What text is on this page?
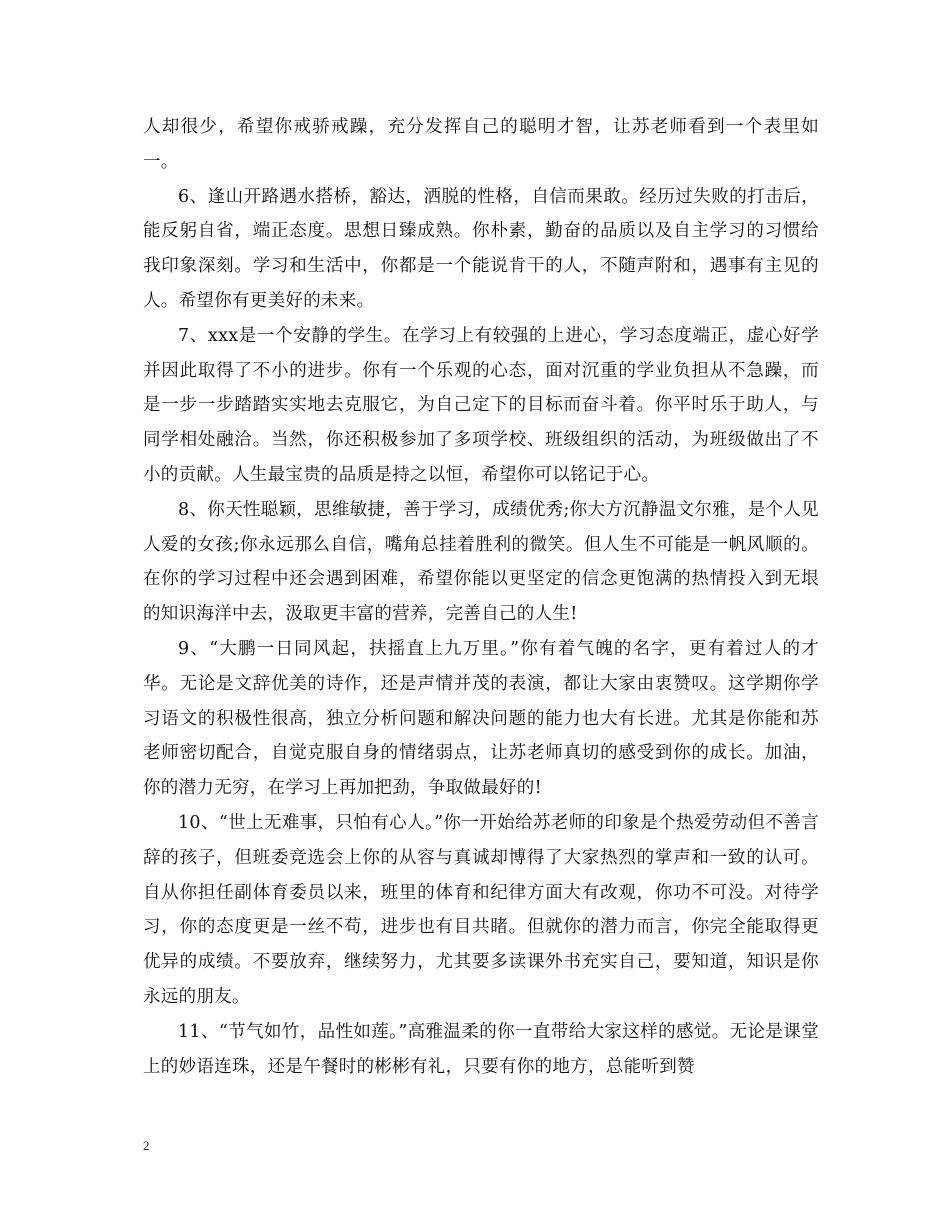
人却很少，希望你戒骄戒躁，充分发挥自己的聪明才智，让苏老师看到一个表里如一。

6、逢山开路遇水搭桥，豁达，洒脱的性格，自信而果敢。经历过失败的打击后，能反躬自省，端正态度。思想日臻成熟。你朴素，勤奋的品质以及自主学习的习惯给我印象深刻。学习和生活中，你都是一个能说肯干的人，不随声附和，遇事有主见的人。希望你有更美好的未来。

7、xxx是一个安静的学生。在学习上有较强的上进心，学习态度端正，虚心好学并因此取得了不小的进步。你有一个乐观的心态，面对沉重的学业负担从不急躁，而是一步一步踏踏实实地去克服它，为自己定下的目标而奋斗着。你平时乐于助人，与同学相处融洽。当然，你还积极参加了多项学校、班级组织的活动，为班级做出了不小的贡献。人生最宝贵的品质是持之以恒，希望你可以铭记于心。

8、你天性聪颖，思维敏捷，善于学习，成绩优秀;你大方沉静温文尔雅，是个人见人爱的女孩;你永远那么自信，嘴角总挂着胜利的微笑。但人生不可能是一帆风顺的。在你的学习过程中还会遇到困难，希望你能以更坚定的信念更饱满的热情投入到无垠的知识海洋中去，汲取更丰富的营养，完善自己的人生!

9、“大鹏一日同风起，扶摇直上九万里。”你有着气魄的名字，更有着过人的才华。无论是文辞优美的诗作，还是声情并茂的表演，都让大家由衷赞叹。这学期你学习语文的积极性很高，独立分析问题和解决问题的能力也大有长进。尤其是你能和苏老师密切配合，自觉克服自身的情绪弱点，让苏老师真切的感受到你的成长。加油，你的潜力无穷，在学习上再加把劲，争取做最好的!

10、“世上无难事，只怕有心人。”你一开始给苏老师的印象是个热爱劳动但不善言辞的孩子，但班委竞选会上你的从容与真诚却博得了大家热烈的掌声和一致的认可。自从你担任副体育委员以来，班里的体育和纪律方面大有改观，你功不可没。对待学习，你的态度更是一丝不苟，进步也有目共睹。但就你的潜力而言，你完全能取得更优异的成绩。不要放弃，继续努力，尤其要多读课外书充实自己，要知道，知识是你永远的朋友。

11、“节气如竹，品性如莲。”高雅温柔的你一直带给大家这样的感觉。无论是课堂上的妙语连珠，还是午餐时的彬彬有礼，只要有你的地方，总能听到赞

2
